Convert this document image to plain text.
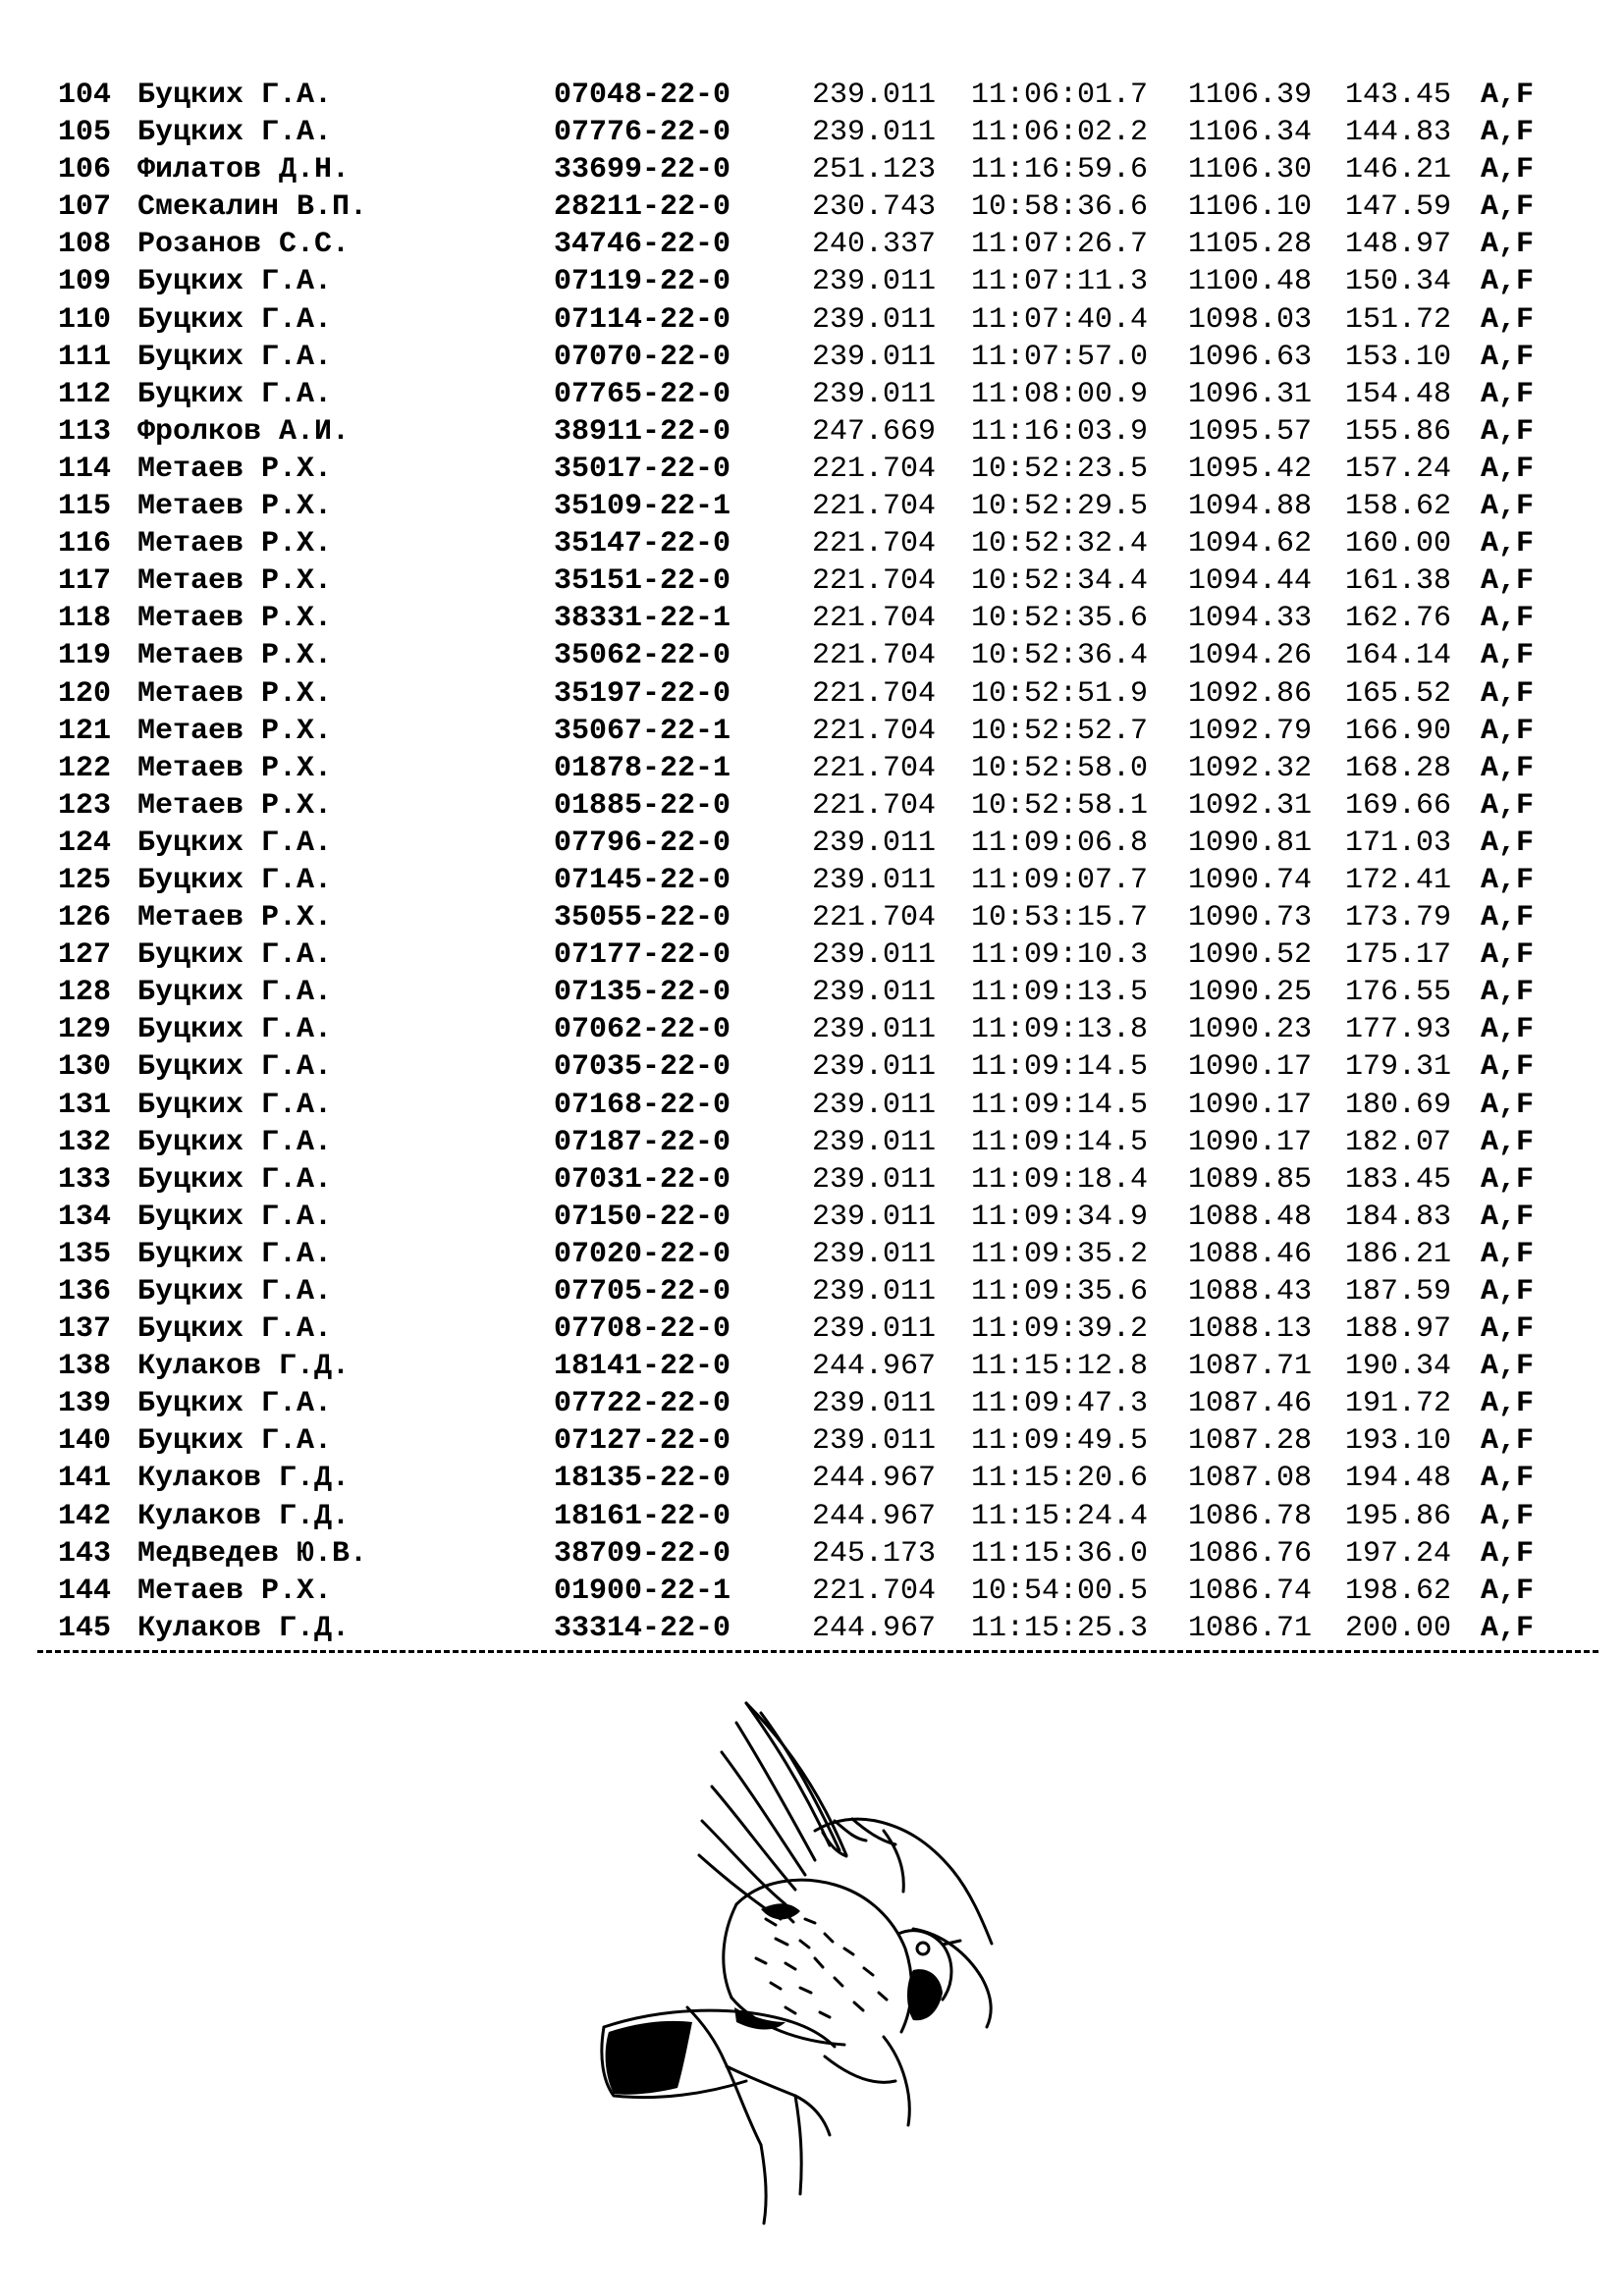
104 Буцких Г.А.	07048-22-0	239.011 11:06:01.7 1106.39 143.45 A,F
105 Буцких Г.А.	07776-22-0	239.011 11:06:02.2 1106.34 144.83 A,F
106 Филатов Д.Н.	33699-22-0	251.123 11:16:59.6 1106.30 146.21 A,F
107 Смекалин В.П.	28211-22-0	230.743 10:58:36.6 1106.10 147.59 A,F
108 Розанов С.С.	34746-22-0	240.337 11:07:26.7 1105.28 148.97 A,F
109 Буцких Г.А.	07119-22-0	239.011 11:07:11.3 1100.48 150.34 A,F
110 Буцких Г.А.	07114-22-0	239.011 11:07:40.4 1098.03 151.72 A,F
111 Буцких Г.А.	07070-22-0	239.011 11:07:57.0 1096.63 153.10 A,F
112 Буцких Г.А.	07765-22-0	239.011 11:08:00.9 1096.31 154.48 A,F
113 Фролков А.И.	38911-22-0	247.669 11:16:03.9 1095.57 155.86 A,F
114 Метаев Р.Х.	35017-22-0	221.704 10:52:23.5 1095.42 157.24 A,F
115 Метаев Р.Х.	35109-22-1	221.704 10:52:29.5 1094.88 158.62 A,F
116 Метаев Р.Х.	35147-22-0	221.704 10:52:32.4 1094.62 160.00 A,F
117 Метаев Р.Х.	35151-22-0	221.704 10:52:34.4 1094.44 161.38 A,F
118 Метаев Р.Х.	38331-22-1	221.704 10:52:35.6 1094.33 162.76 A,F
119 Метаев Р.Х.	35062-22-0	221.704 10:52:36.4 1094.26 164.14 A,F
120 Метаев Р.Х.	35197-22-0	221.704 10:52:51.9 1092.86 165.52 A,F
121 Метаев Р.Х.	35067-22-1	221.704 10:52:52.7 1092.79 166.90 A,F
122 Метаев Р.Х.	01878-22-1	221.704 10:52:58.0 1092.32 168.28 A,F
123 Метаев Р.Х.	01885-22-0	221.704 10:52:58.1 1092.31 169.66 A,F
124 Буцких Г.А.	07796-22-0	239.011 11:09:06.8 1090.81 171.03 A,F
125 Буцких Г.А.	07145-22-0	239.011 11:09:07.7 1090.74 172.41 A,F
126 Метаев Р.Х.	35055-22-0	221.704 10:53:15.7 1090.73 173.79 A,F
127 Буцких Г.А.	07177-22-0	239.011 11:09:10.3 1090.52 175.17 A,F
128 Буцких Г.А.	07135-22-0	239.011 11:09:13.5 1090.25 176.55 A,F
129 Буцких Г.А.	07062-22-0	239.011 11:09:13.8 1090.23 177.93 A,F
130 Буцких Г.А.	07035-22-0	239.011 11:09:14.5 1090.17 179.31 A,F
131 Буцких Г.А.	07168-22-0	239.011 11:09:14.5 1090.17 180.69 A,F
132 Буцких Г.А.	07187-22-0	239.011 11:09:14.5 1090.17 182.07 A,F
133 Буцких Г.А.	07031-22-0	239.011 11:09:18.4 1089.85 183.45 A,F
134 Буцких Г.А.	07150-22-0	239.011 11:09:34.9 1088.48 184.83 A,F
135 Буцких Г.А.	07020-22-0	239.011 11:09:35.2 1088.46 186.21 A,F
136 Буцких Г.А.	07705-22-0	239.011 11:09:35.6 1088.43 187.59 A,F
137 Буцких Г.А.	07708-22-0	239.011 11:09:39.2 1088.13 188.97 A,F
138 Кулаков Г.Д.	18141-22-0	244.967 11:15:12.8 1087.71 190.34 A,F
139 Буцких Г.А.	07722-22-0	239.011 11:09:47.3 1087.46 191.72 A,F
140 Буцких Г.А.	07127-22-0	239.011 11:09:49.5 1087.28 193.10 A,F
141 Кулаков Г.Д.	18135-22-0	244.967 11:15:20.6 1087.08 194.48 A,F
142 Кулаков Г.Д.	18161-22-0	244.967 11:15:24.4 1086.78 195.86 A,F
143 Медведев Ю.В.	38709-22-0	245.173 11:15:36.0 1086.76 197.24 A,F
144 Метаев Р.Х.	01900-22-1	221.704 10:54:00.5 1086.74 198.62 A,F
145 Кулаков Г.Д.	33314-22-0	244.967 11:15:25.3 1086.71 200.00 A,F
